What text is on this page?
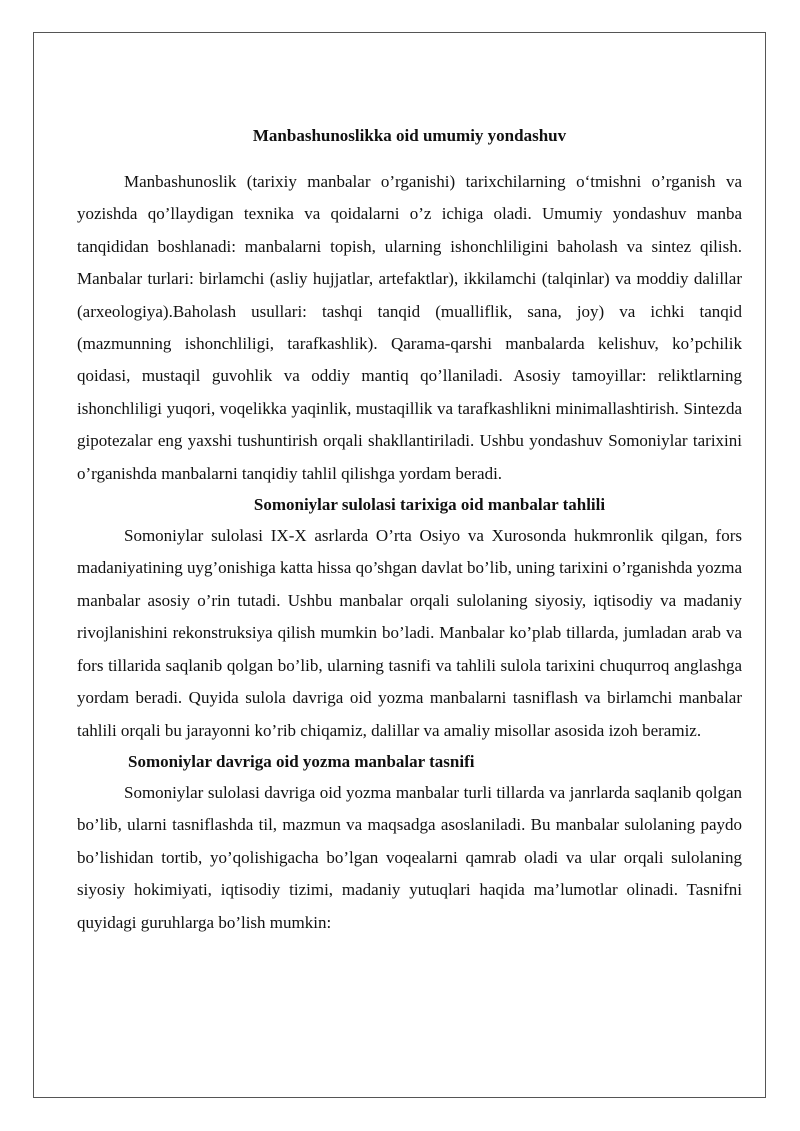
Manbashunoslikka oid umumiy yondashuv

Manbashunoslik (tarixiy manbalar o’rganishi) tarixchilarning o‘tmishni o’rganish va yozishda qo’llaydigan texnika va qoidalarni o’z ichiga oladi. Umumiy yondashuv manba tanqididan boshlanadi: manbalarni topish, ularning ishonchliligini baholash va sintez qilish. Manbalar turlari: birlamchi (asliy hujjatlar, artefaktlar), ikkilamchi (talqinlar) va moddiy dalillar (arxeologiya).Baholash usullari: tashqi tanqid (mualliflik, sana, joy) va ichki tanqid (mazmunning ishonchliligi, tarafkashlik). Qarama-qarshi manbalarda kelishuv, ko’pchilik qoidasi, mustaqil guvohlik va oddiy mantiq qo’llaniladi. Asosiy tamoyillar: reliktlarning ishonchliligi yuqori, voqelikka yaqinlik, mustaqillik va tarafkashlikni minimallashtirish. Sintezda gipotezalar eng yaxshi tushuntirish orqali shakllantiriladi. Ushbu yondashuv Somoniylar tarixini o’rganishda manbalarni tanqidiy tahlil qilishga yordam beradi.

Somoniylar sulolasi tarixiga oid manbalar tahlili

Somoniylar sulolasi IX-X asrlarda O’rta Osiyo va Xurosonda hukmronlik qilgan, fors madaniyatining uyg’onishiga katta hissa qo’shgan davlat bo’lib, uning tarixini o’rganishda yozma manbalar asosiy o’rin tutadi. Ushbu manbalar orqali sulolaning siyosiy, iqtisodiy va madaniy rivojlanishini rekonstruksiya qilish mumkin bo’ladi. Manbalar ko’plab tillarda, jumladan arab va fors tillarida saqlanib qolgan bo’lib, ularning tasnifi va tahlili sulola tarixini chuqurroq anglashga yordam beradi. Quyida sulola davriga oid yozma manbalarni tasniflash va birlamchi manbalar tahlili orqali bu jarayonni ko’rib chiqamiz, dalillar va amaliy misollar asosida izoh beramiz.

Somoniylar davriga oid yozma manbalar tasnifi

Somoniylar sulolasi davriga oid yozma manbalar turli tillarda va janrlarda saqlanib qolgan bo’lib, ularni tasniflashda til, mazmun va maqsadga asoslaniladi. Bu manbalar sulolaning paydo bo’lishidan tortib, yo’qolishigacha bo’lgan voqealarni qamrab oladi va ular orqali sulolaning siyosiy hokimiyati, iqtisodiy tizimi, madaniy yutuqlari haqida ma’lumotlar olinadi. Tasnifni quyidagi guruhlarga bo’lish mumkin:
